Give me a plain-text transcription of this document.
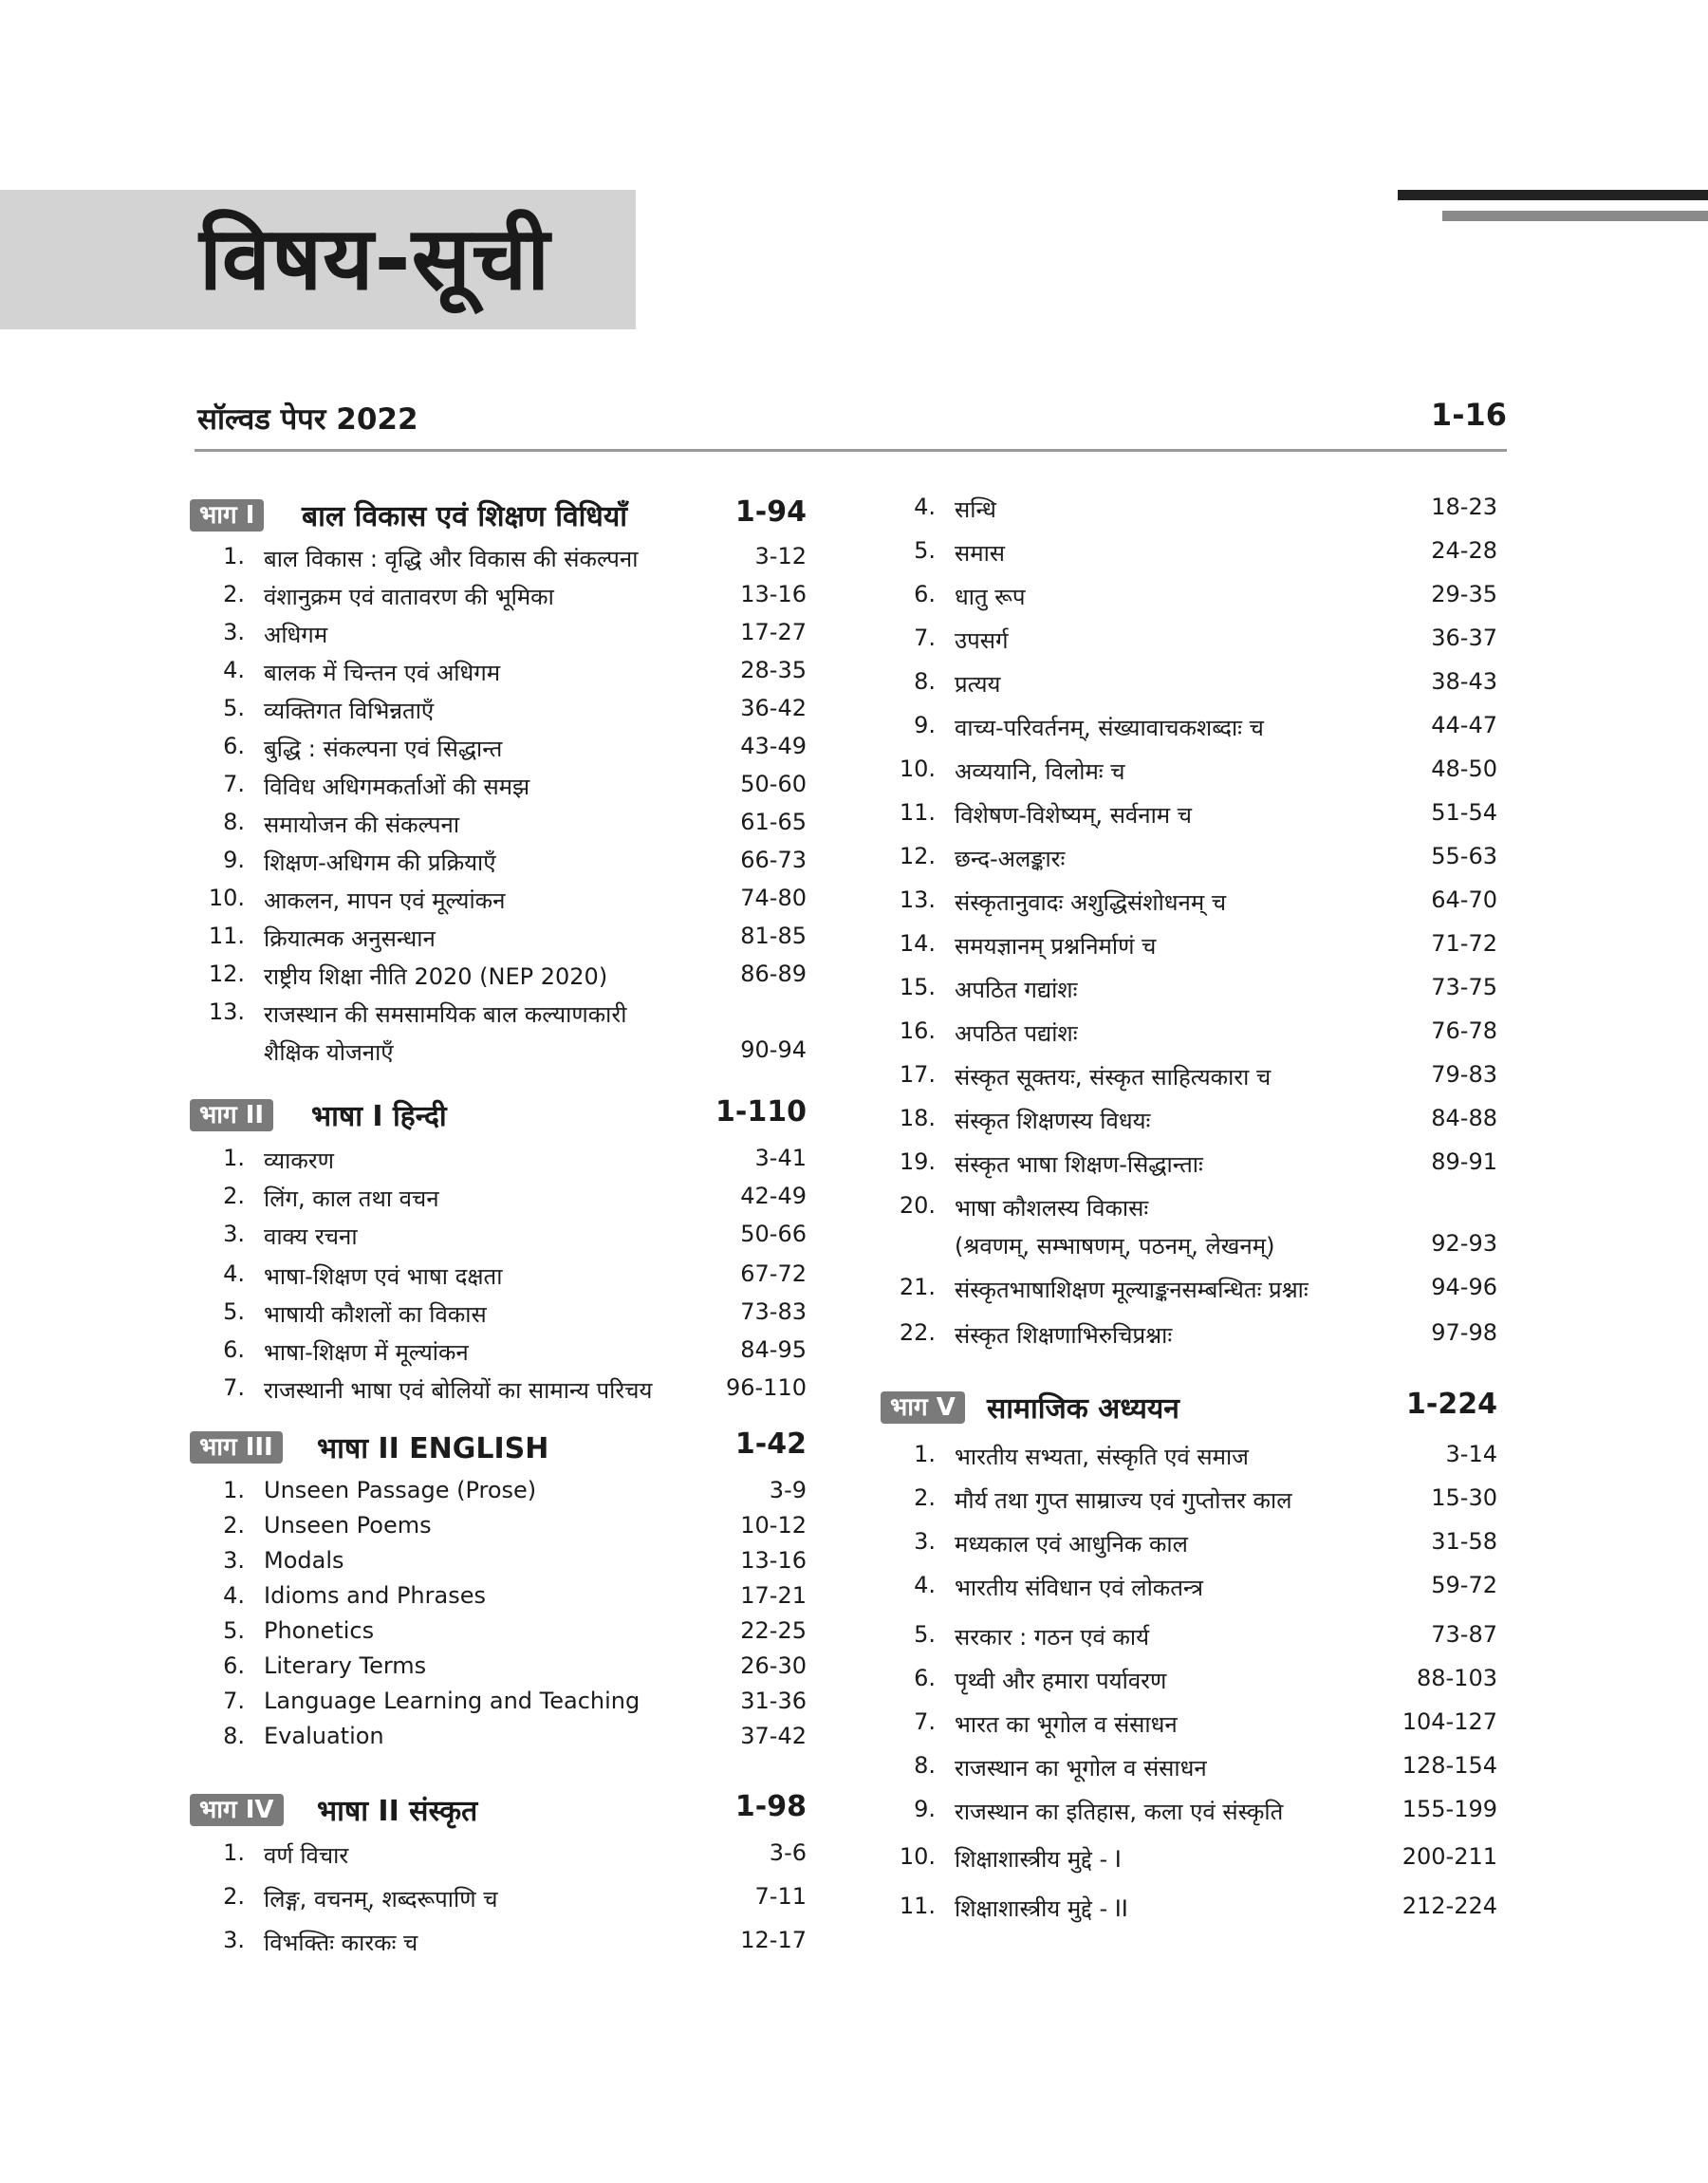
विषय-सूची
सॉल्वड पेपर 2022	1-16
भाग I	बाल विकास एवं शिक्षण विधियाँ	1-94
1. बाल विकास : वृद्धि और विकास की संकल्पना	3-12
2. वंशानुक्रम एवं वातावरण की भूमिका	13-16
3. अधिगम	17-27
4. बालक में चिन्तन एवं अधिगम	28-35
5. व्यक्तिगत विभिन्नताएँ	36-42
6. बुद्धि : संकल्पना एवं सिद्धान्त	43-49
7. विविध अधिगमकर्ताओं की समझ	50-60
8. समायोजन की संकल्पना	61-65
9. शिक्षण-अधिगम की प्रक्रियाएँ	66-73
10. आकलन, मापन एवं मूल्यांकन	74-80
11. क्रियात्मक अनुसन्धान	81-85
12. राष्ट्रीय शिक्षा नीति 2020 (NEP 2020)	86-89
13. राजस्थान की समसामयिक बाल कल्याणकारी
शैक्षिक योजनाएँ	90-94
भाग II	भाषा I हिन्दी	1-110
1. व्याकरण	3-41
2. लिंग, काल तथा वचन	42-49
3. वाक्य रचना	50-66
4. भाषा-शिक्षण एवं भाषा दक्षता	67-72
5. भाषायी कौशलों का विकास	73-83
6. भाषा-शिक्षण में मूल्यांकन	84-95
7. राजस्थानी भाषा एवं बोलियों का सामान्य परिचय	96-110
भाग III	भाषा II ENGLISH	1-42
1. Unseen Passage (Prose)	3-9
2. Unseen Poems	10-12
3. Modals	13-16
4. Idioms and Phrases	17-21
5. Phonetics	22-25
6. Literary Terms	26-30
7. Language Learning and Teaching	31-36
8. Evaluation	37-42
भाग IV	भाषा II संस्कृत	1-98
1. वर्ण विचार	3-6
2. लिङ्ग, वचनम्, शब्दरूपाणि च	7-11
3. विभक्तिः कारकः च	12-17
4. सन्धि	18-23
5. समास	24-28
6. धातु रूप	29-35
7. उपसर्ग	36-37
8. प्रत्यय	38-43
9. वाच्य-परिवर्तनम्, संख्यावाचकशब्दाः च	44-47
10. अव्ययानि, विलोमः च	48-50
11. विशेषण-विशेष्यम्, सर्वनाम च	51-54
12. छन्द-अलङ्कारः	55-63
13. संस्कृतानुवादः अशुद्धिसंशोधनम् च	64-70
14. समयज्ञानम् प्रश्ननिर्माणं च	71-72
15. अपठित गद्यांशः	73-75
16. अपठित पद्यांशः	76-78
17. संस्कृत सूक्तयः, संस्कृत साहित्यकारा च	79-83
18. संस्कृत शिक्षणस्य विधयः	84-88
19. संस्कृत भाषा शिक्षण-सिद्धान्ताः	89-91
20. भाषा कौशलस्य विकासः
(श्रवणम्, सम्भाषणम्, पठनम्, लेखनम्)	92-93
21. संस्कृतभाषाशिक्षण मूल्याङ्कनसम्बन्धितः प्रश्नाः	94-96
22. संस्कृत शिक्षणाभिरुचिप्रश्नाः	97-98
भाग V	सामाजिक अध्ययन	1-224
1. भारतीय सभ्यता, संस्कृति एवं समाज	3-14
2. मौर्य तथा गुप्त साम्राज्य एवं गुप्तोत्तर काल	15-30
3. मध्यकाल एवं आधुनिक काल	31-58
4. भारतीय संविधान एवं लोकतन्त्र	59-72
5. सरकार : गठन एवं कार्य	73-87
6. पृथ्वी और हमारा पर्यावरण	88-103
7. भारत का भूगोल व संसाधन	104-127
8. राजस्थान का भूगोल व संसाधन	128-154
9. राजस्थान का इतिहास, कला एवं संस्कृति	155-199
10. शिक्षाशास्त्रीय मुद्दे - I	200-211
11. शिक्षाशास्त्रीय मुद्दे - II	212-224
